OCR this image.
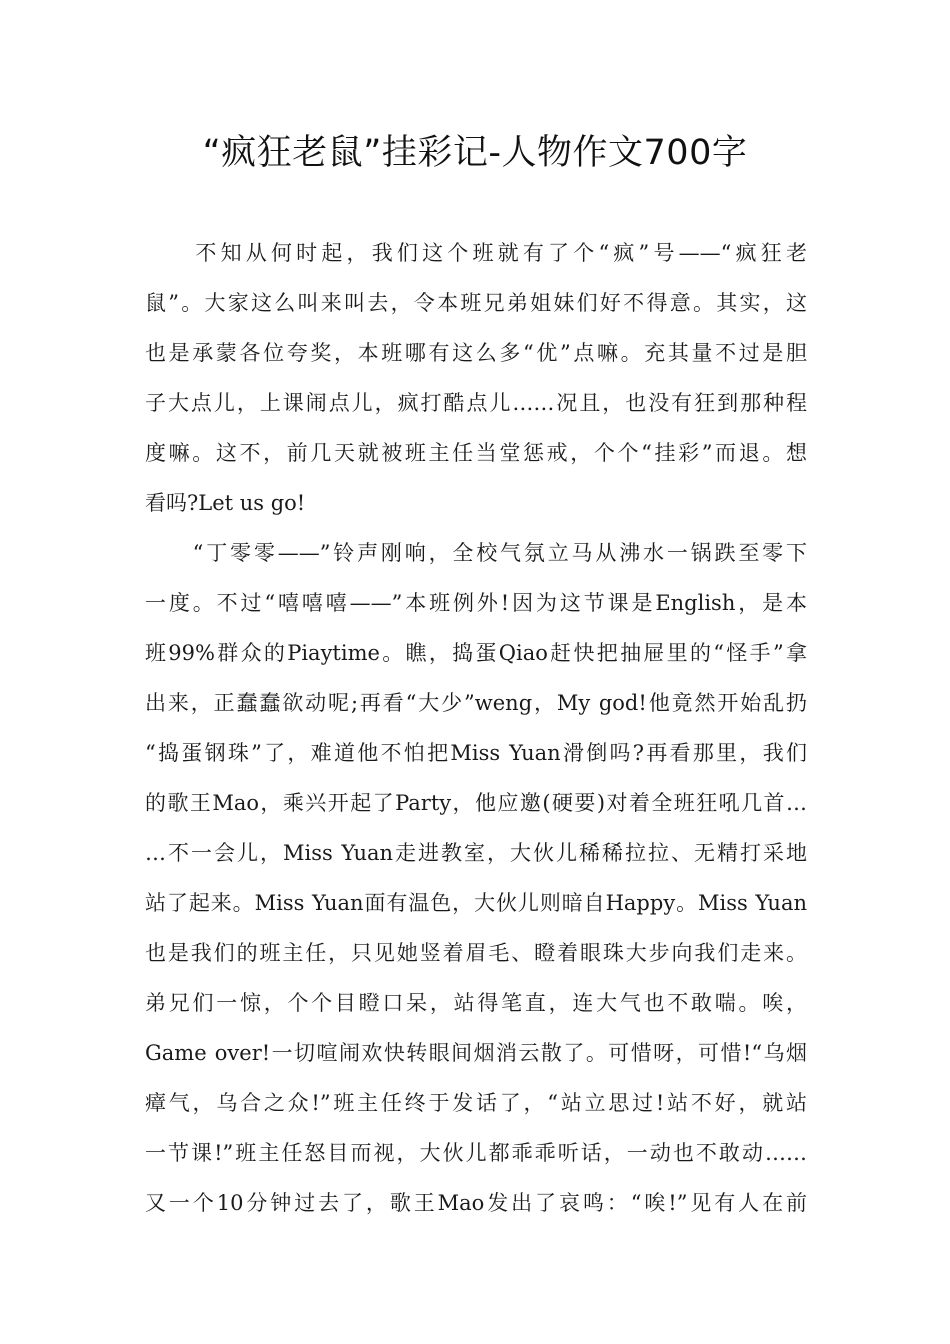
“疯狂老鼠”挂彩记-人物作文700字
　　不知从何时起，我们这个班就有了个“疯”号——“疯狂老
鼠”。大家这么叫来叫去，令本班兄弟姐妹们好不得意。其实，这
也是承蒙各位夸奖，本班哪有这么多“优”点嘛。充其量不过是胆
子大点儿，上课闹点儿，疯打酷点儿……况且，也没有狂到那种程
度嘛。这不，前几天就被班主任当堂惩戒，个个“挂彩”而退。想
看吗?Let us go!
　　“丁零零——”铃声刚响，全校气氛立马从沸水一锅跌至零下
一度。不过“嘻嘻嘻——”本班例外!因为这节课是English，是本
班99%群众的Piaytime。瞧，捣蛋Qiao赶快把抽屉里的“怪手”拿
出来，正蠢蠢欲动呢;再看“大少”weng，My god!他竟然开始乱扔
“捣蛋钢珠”了，难道他不怕把Miss Yuan滑倒吗?再看那里，我们
的歌王Mao，乘兴开起了Party，他应邀(硬要)对着全班狂吼几首…
…不一会儿，Miss Yuan走进教室，大伙儿稀稀拉拉、无精打采地
站了起来。Miss Yuan面有温色，大伙儿则暗自Happy。Miss Yuan
也是我们的班主任，只见她竖着眉毛、瞪着眼珠大步向我们走来。
弟兄们一惊，个个目瞪口呆，站得笔直，连大气也不敢喘。唉，
Game over!一切喧闹欢快转眼间烟消云散了。可惜呀，可惜!“乌烟
瘴气，乌合之众!”班主任终于发话了，“站立思过!站不好，就站
一节课!”班主任怒目而视，大伙儿都乖乖听话，一动也不敢动……
又一个10分钟过去了，歌王Mao发出了哀鸣：“唉!”见有人在前
